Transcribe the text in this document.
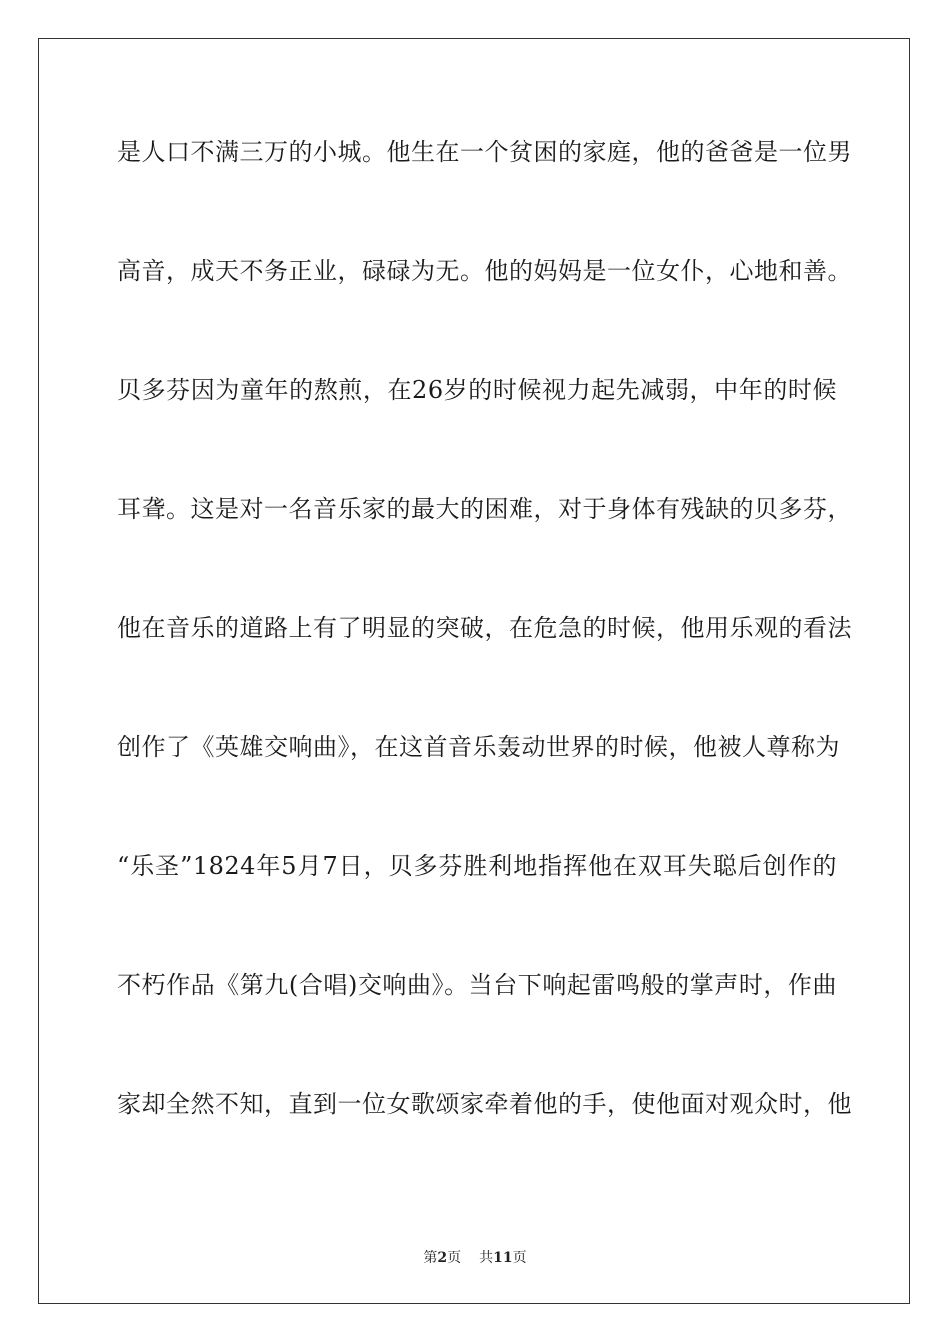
是人口不满三万的小城。他生在一个贫困的家庭，他的爸爸是一位男

高音，成天不务正业，碌碌为无。他的妈妈是一位女仆，心地和善。

贝多芬因为童年的熬煎，在26岁的时候视力起先减弱，中年的时候

耳聋。这是对一名音乐家的最大的困难，对于身体有残缺的贝多芬，

他在音乐的道路上有了明显的突破，在危急的时候，他用乐观的看法

创作了《英雄交响曲》，在这首音乐轰动世界的时候，他被人尊称为

“乐圣”1824年5月7日，贝多芬胜利地指挥他在双耳失聪后创作的

不朽作品《第九(合唱)交响曲》。当台下响起雷鸣般的掌声时，作曲

家却全然不知，直到一位女歌颂家牵着他的手，使他面对观众时，他

第2页 共11页
